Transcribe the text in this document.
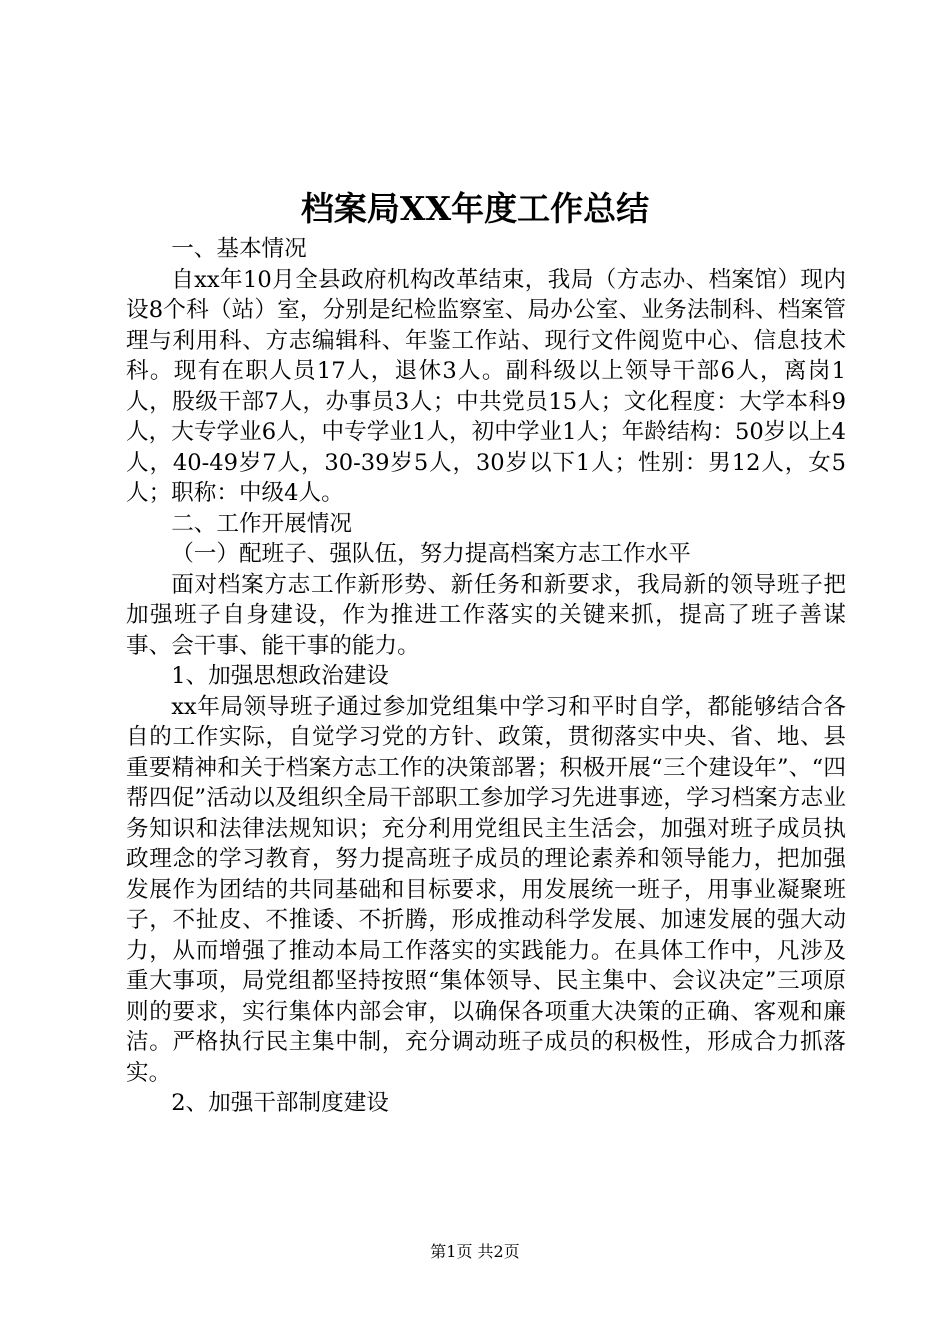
档案局XX年度工作总结

一、基本情况

自xx年10月全县政府机构改革结束，我局（方志办、档案馆）现内设8个科（站）室，分别是纪检监察室、局办公室、业务法制科、档案管理与利用科、方志编辑科、年鉴工作站、现行文件阅览中心、信息技术科。现有在职人员17人，退休3人。副科级以上领导干部6人，离岗1人，股级干部7人，办事员3人；中共党员15人；文化程度：大学本科9人，大专学业6人，中专学业1人，初中学业1人；年龄结构：50岁以上4人，40-49岁7人，30-39岁5人，30岁以下1人；性别：男12人，女5人；职称：中级4人。

二、工作开展情况

（一）配班子、强队伍，努力提高档案方志工作水平

面对档案方志工作新形势、新任务和新要求，我局新的领导班子把加强班子自身建设，作为推进工作落实的关键来抓，提高了班子善谋事、会干事、能干事的能力。

1、加强思想政治建设

xx年局领导班子通过参加党组集中学习和平时自学，都能够结合各自的工作实际，自觉学习党的方针、政策，贯彻落实中央、省、地、县重要精神和关于档案方志工作的决策部署；积极开展“三个建设年”、“四帮四促”活动以及组织全局干部职工参加学习先进事迹，学习档案方志业务知识和法律法规知识；充分利用党组民主生活会，加强对班子成员执政理念的学习教育，努力提高班子成员的理论素养和领导能力，把加强发展作为团结的共同基础和目标要求，用发展统一班子，用事业凝聚班子，不扯皮、不推诿、不折腾，形成推动科学发展、加速发展的强大动力，从而增强了推动本局工作落实的实践能力。在具体工作中，凡涉及重大事项，局党组都坚持按照“集体领导、民主集中、会议决定”三项原则的要求，实行集体内部会审，以确保各项重大决策的正确、客观和廉洁。严格执行民主集中制，充分调动班子成员的积极性，形成合力抓落实。

2、加强干部制度建设

第1页 共2页
